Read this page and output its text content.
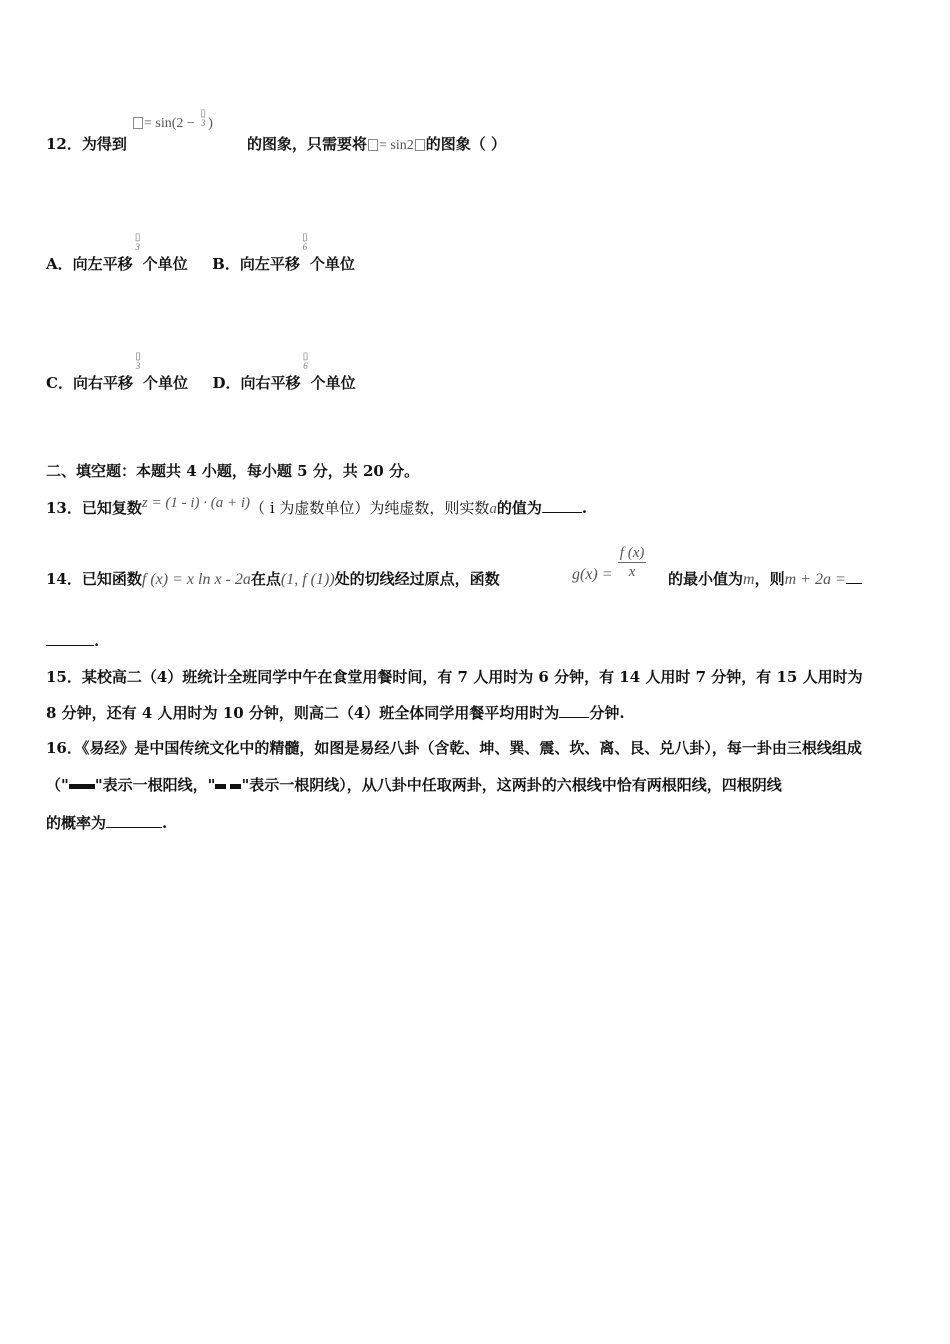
12．为得到
= sin(2 −
▯
3 )
的图象，只需要将 = sin2 的图象（ ）
A．向左平移
▯
3
个单位 B．向左平移
▯
6
个单位
C．向右平移
▯
3
个单位 D．向右平移
▯
6
个单位
二、填空题：本题共 4 小题，每小题 5 分，共 20 分。
13．已知复数z = (1 - i) · (a + i)（ i 为虚数单位）为纯虚数，则实数a的值为	.
14．已知函数f (x) = x ln x - 2a在点(1, f (1))处的切线经过原点，函数	$g(x) = \frac{f (x)}{x}$ 的最小值为m，则m + 2a =
.
15．某校高二（4）班统计全班同学中午在食堂用餐时间，有 7 人用时为 6 分钟，有 14 人用时 7 分钟，有 15 人用时为
8 分钟，还有 4 人用时为 10 分钟，则高二（4）班全体同学用餐平均用时为 分钟.
16．《易经》是中国传统文化中的精髓，如图是易经八卦（含乾、坤、巽、震、坎、离、艮、兑八卦），每一卦由三根线组成
（" "表示一根阳线，" "表示一根阴线），从八卦中任取两卦，这两卦的六根线中恰有两根阳线，四根阴线
的概率为	.
